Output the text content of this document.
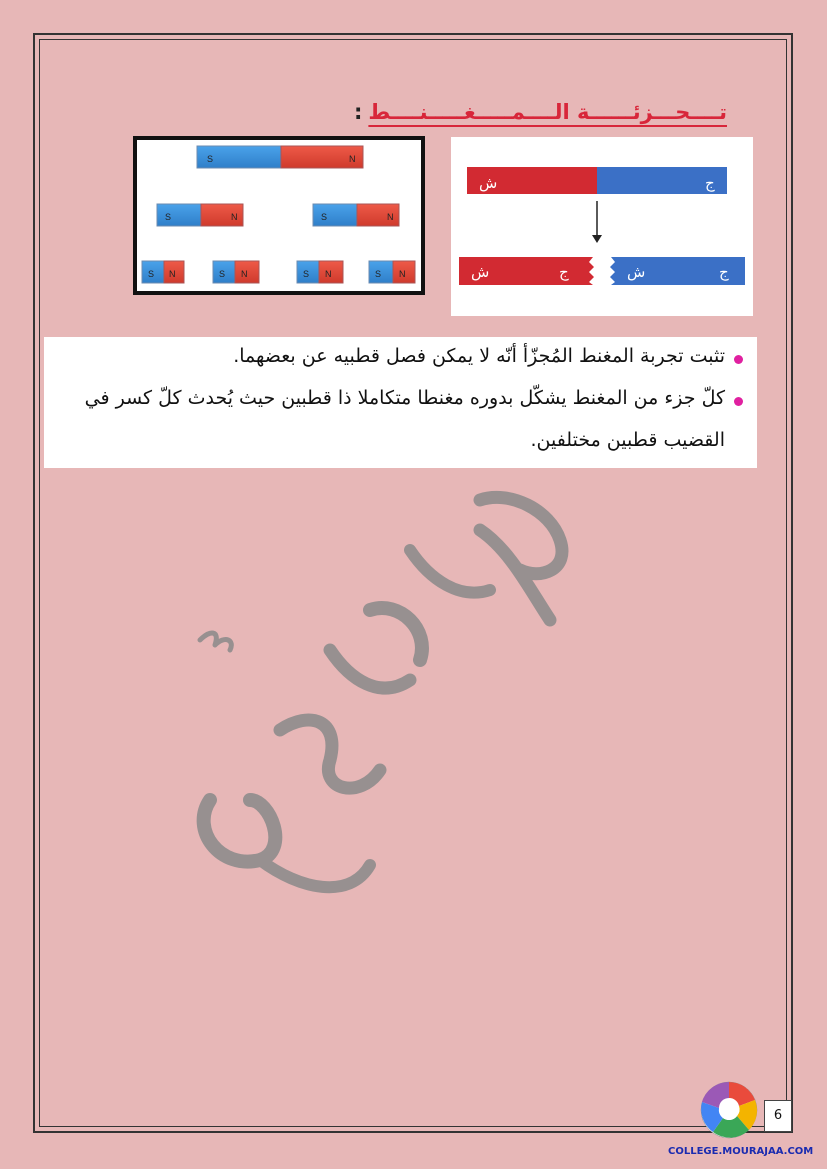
تــــحـــزئــــــة الــــمـــــغـــــنــــط:
S	N
S	N	S	N
S N	S N	S N	S N
ش	ج
ش	ج	ش	ج
تثبت تجربة المغنط المُجزّأ أنّه لا يمكن فصل قطبيه عن بعضهما.
كلّ جزء من المغنط يشكّل بدوره مغنطا متكاملا ذا قطبين حيث يُحدث كلّ كسر في
القضيب قطبين مختلفين.
6
COLLEGE.MOURAJAA.COM
